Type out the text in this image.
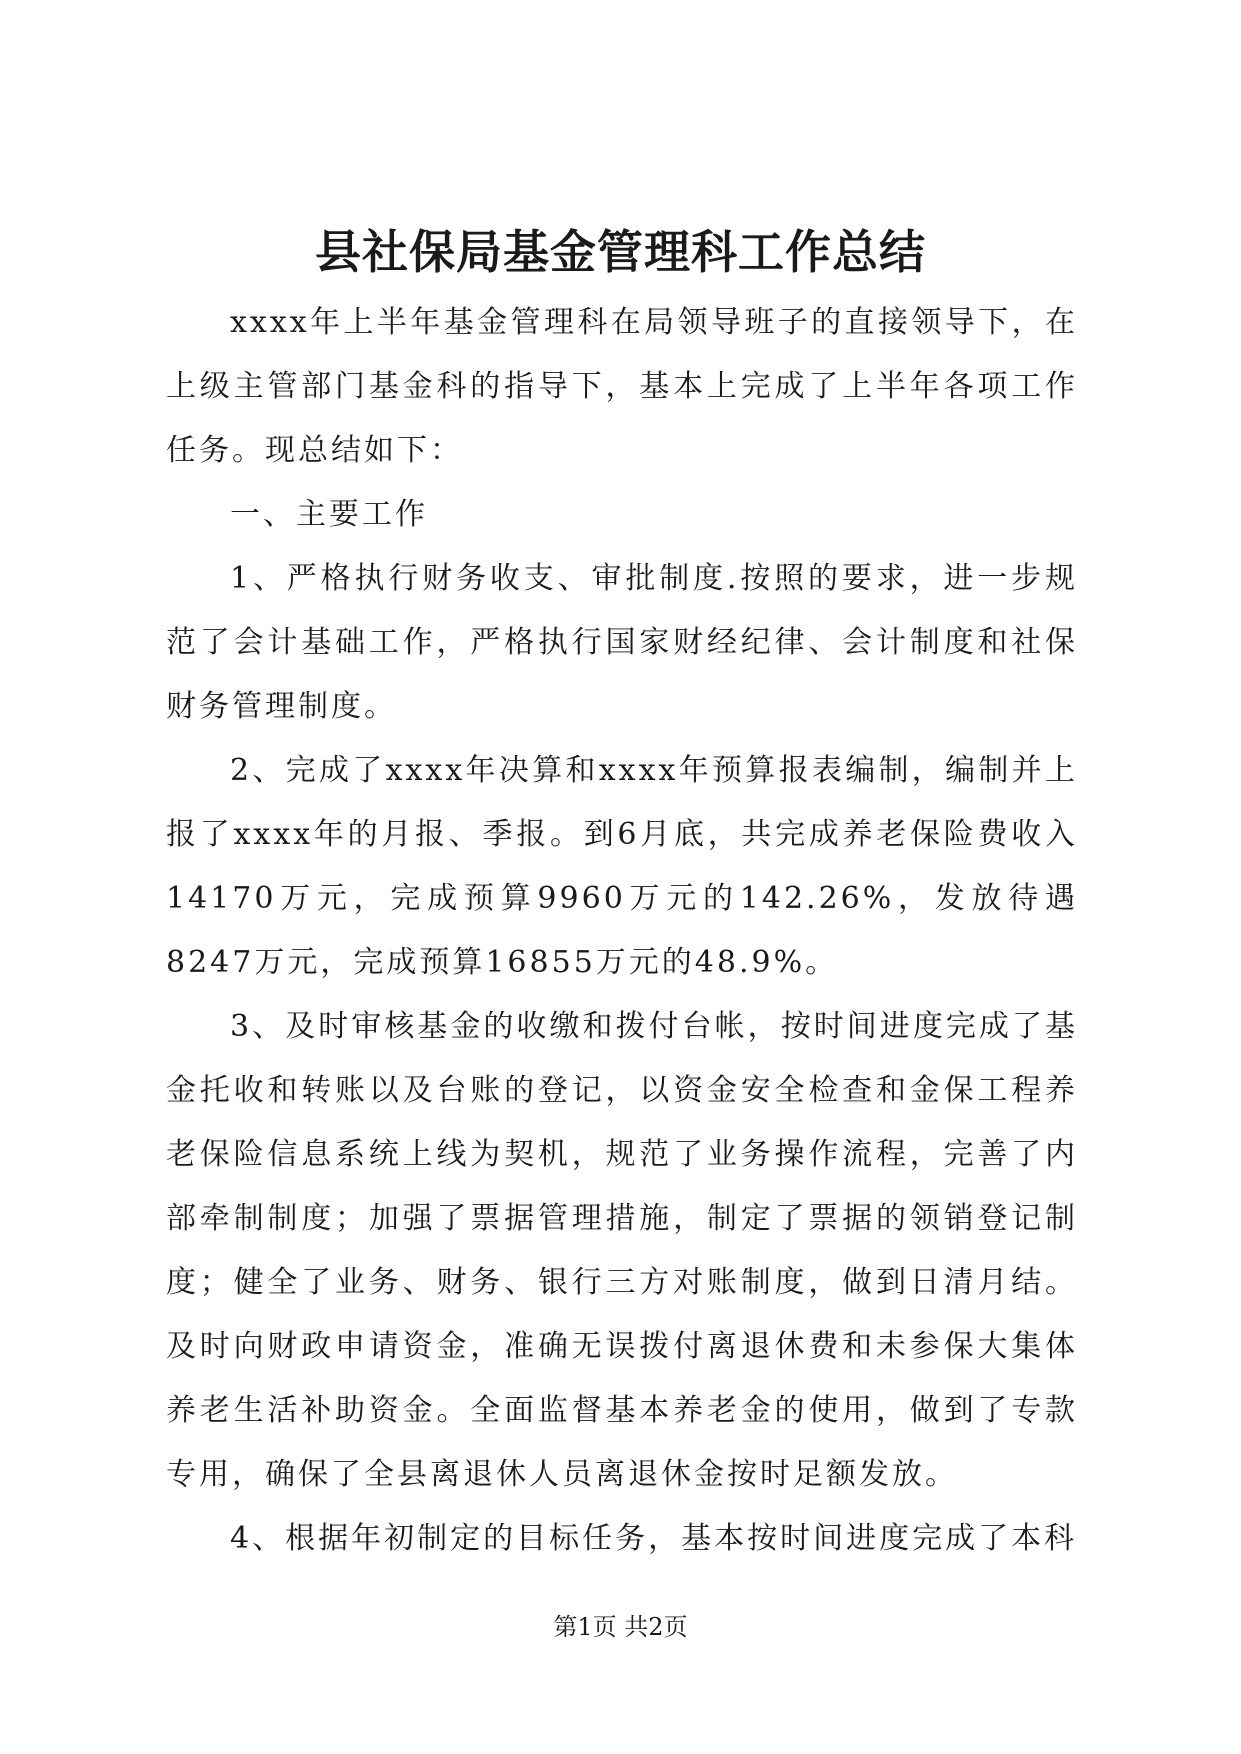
县社保局基金管理科工作总结

xxxx年上半年基金管理科在局领导班子的直接领导下，在上级主管部门基金科的指导下，基本上完成了上半年各项工作任务。现总结如下：

一、主要工作

1、严格执行财务收支、审批制度.按照的要求，进一步规范了会计基础工作，严格执行国家财经纪律、会计制度和社保财务管理制度。

2、完成了xxxx年决算和xxxx年预算报表编制，编制并上报了xxxx年的月报、季报。到6月底，共完成养老保险费收入14170万元，完成预算9960万元的142.26%，发放待遇8247万元，完成预算16855万元的48.9%。

3、及时审核基金的收缴和拨付台帐，按时间进度完成了基金托收和转账以及台账的登记，以资金安全检查和金保工程养老保险信息系统上线为契机，规范了业务操作流程，完善了内部牵制制度；加强了票据管理措施，制定了票据的领销登记制度；健全了业务、财务、银行三方对账制度，做到日清月结。及时向财政申请资金，准确无误拨付离退休费和未参保大集体养老生活补助资金。全面监督基本养老金的使用，做到了专款专用，确保了全县离退休人员离退休金按时足额发放。

4、根据年初制定的目标任务，基本按时间进度完成了本科

第1页 共2页
